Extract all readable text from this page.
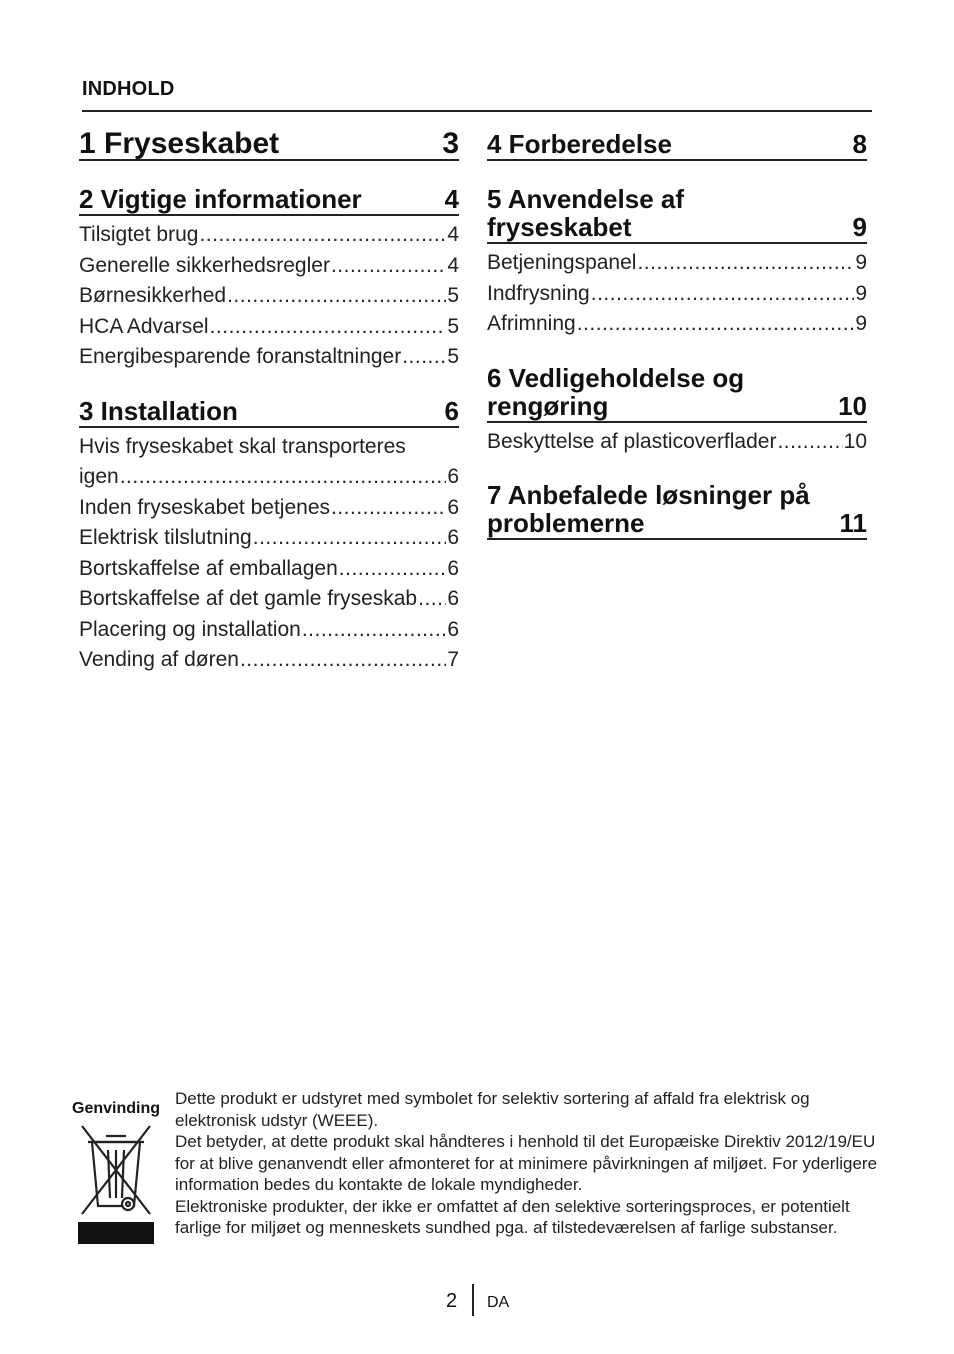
INDHOLD
1 Fryseskabet	3
2 Vigtige informationer	4
Tilsigtet brug .....	4
Generelle sikkerhedsregler .....	4
Børnesikkerhed .....	5
HCA Advarsel .....	5
Energibesparende foranstaltninger ..... 5
3 Installation	6
Hvis fryseskabet skal transporteres
igen .....	6
Inden fryseskabet betjenes .....	6
Elektrisk tilslutning .....	6
Bortskaffelse af emballagen .....	6
Bortskaffelse af det gamle fryseskab ..... 6
Placering og installation .....	6
Vending af døren .....	7
4 Forberedelse	8
5 Anvendelse af
fryseskabet	9
Betjeningspanel .....	9
Indfrysning .....	9
Afrimning .....	9
6 Vedligeholdelse og
rengøring	10
Beskyttelse af plasticoverflader .....	10
7 Anbefalede løsninger på
problemerne	11
Genvinding
Dette produkt er udstyret med symbolet for selektiv sortering af affald fra elektrisk og elektronisk udstyr (WEEE).
Det betyder, at dette produkt skal håndteres i henhold til det Europæiske Direktiv 2012/19/EU for at blive genanvendt eller afmonteret for at minimere påvirkningen af miljøet. For yderligere information bedes du kontakte de lokale myndigheder.
Elektroniske produkter, der ikke er omfattet af den selektive sorteringsproces, er potentielt farlige for miljøet og menneskets sundhed pga. af tilstedeværelsen af farlige substanser.
2 DA
